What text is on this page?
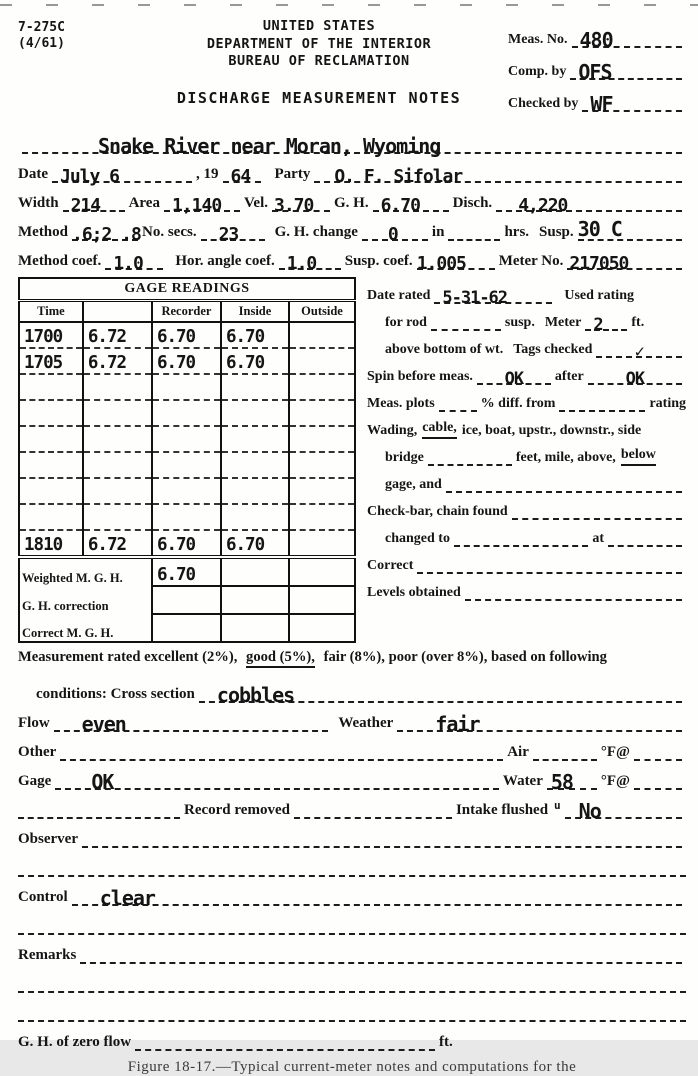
7-275C
(4/61)
UNITED STATES
DEPARTMENT OF THE INTERIOR
BUREAU OF RECLAMATION
DISCHARGE MEASUREMENT NOTES
Meas. No. 480
Comp. by OFS
Checked by WF
Snake River near Moran, Wyoming
Date July 6	, 19 64	Party	O. F. Sifolar
Width 214 Area 1,140 Vel. 3.70 G. H. 6.70 Disch.	4,220
Method .6;2 .8 No. secs.	23	G. H. change	0 in	hrs. Susp. 30 C
Method coef. 1.0	Hor. angle coef. 1.0 Susp. coef. 1.005 Meter No. 217050
GAGE READINGS				
Time		Recorder	Inside	Outside
1700	6.72	6.70	6.70	
1705	6.72	6.70	6.70	

1810	6.72	6.70	6.70	
Weighted M. G. H.		6.70		
G. H. correction				
Correct M. G. H.				
Date rated 5-31-62	Used rating
for rod	susp. Meter 2 ft.
above bottom of wt. Tags checked ✓
Spin before meas. OK after OK
Meas. plots	% diff. from	rating
Wading, cable, ice, boat, upstr., downstr., side
bridge	feet, mile, above, below
gage, and
Check-bar, chain found
changed to	at
Correct
Levels obtained
Measurement rated excellent (2%), good (5%), fair (8%), poor (over 8%), based on following
conditions: Cross section	cobbles
Flow	even	Weather	fair
Other	Air	°F@
Gage	OK	Water 58 °F@
Record removed	Intake flushed u No
Observer
Control	clear
Remarks
G. H. of zero flow	ft.
Figure 18-17.—Typical current-meter notes and computations for the
